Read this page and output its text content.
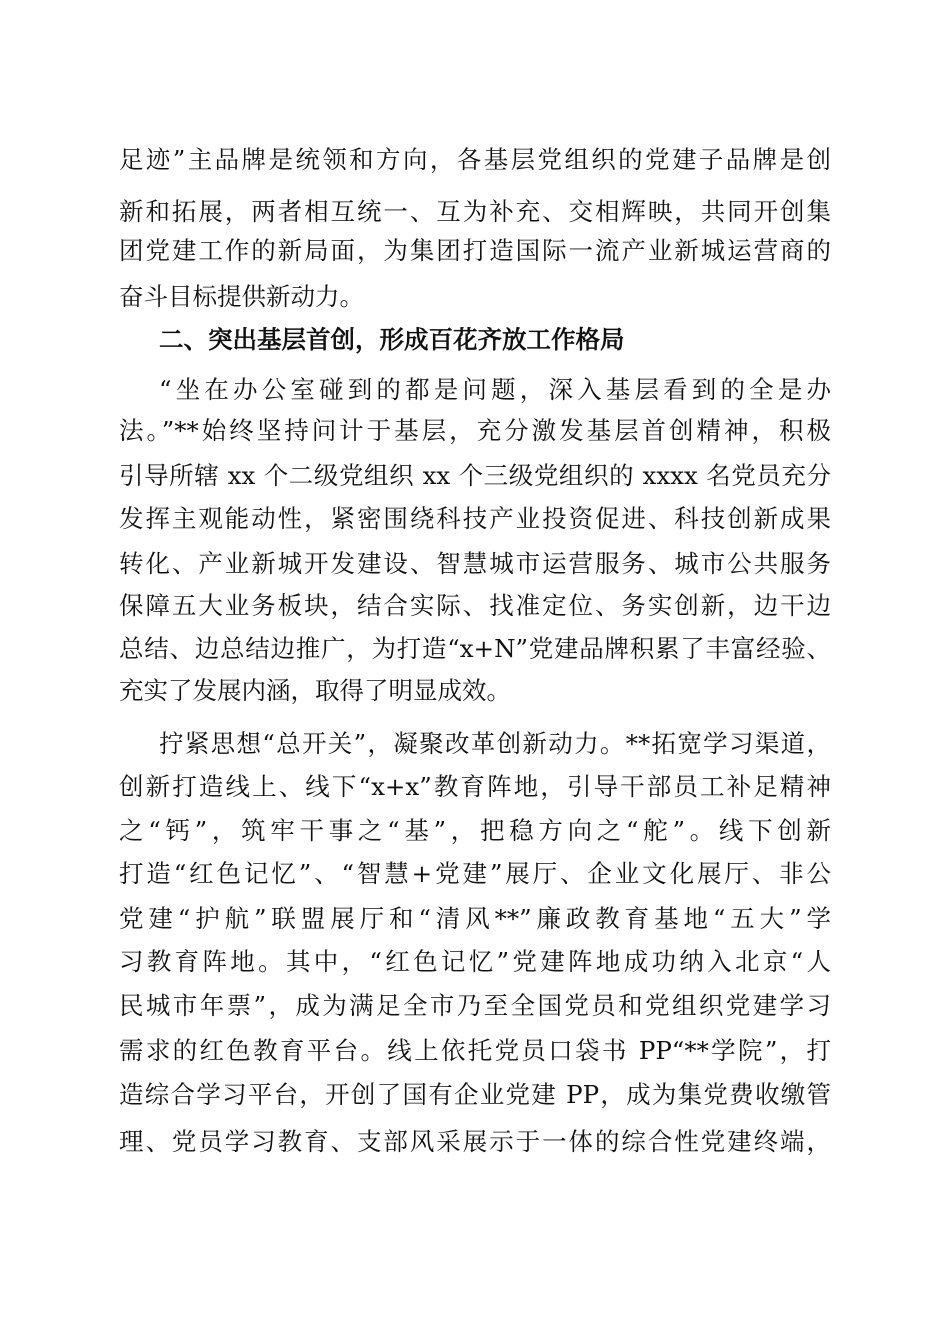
足迹”主品牌是统领和方向，各基层党组织的党建子品牌是创
新和拓展，两者相互统一、互为补充、交相辉映，共同开创集
团党建工作的新局面，为集团打造国际一流产业新城运营商的
奋斗目标提供新动力。
二、突出基层首创，形成百花齐放工作格局
“坐在办公室碰到的都是问题，深入基层看到的全是办
法。”**始终坚持问计于基层，充分激发基层首创精神，积极
引导所辖 xx 个二级党组织 xx 个三级党组织的 xxxx 名党员充分
发挥主观能动性，紧密围绕科技产业投资促进、科技创新成果
转化、产业新城开发建设、智慧城市运营服务、城市公共服务
保障五大业务板块，结合实际、找准定位、务实创新，边干边
总结、边总结边推广，为打造“x+N”党建品牌积累了丰富经验、
充实了发展内涵，取得了明显成效。
拧紧思想“总开关”，凝聚改革创新动力。**拓宽学习渠道，
创新打造线上、线下“x+x”教育阵地，引导干部员工补足精神
之“钙”，筑牢干事之“基”，把稳方向之“舵”。线下创新
打造“红色记忆”、“智慧+党建”展厅、企业文化展厅、非公
党建“护航”联盟展厅和“清风**”廉政教育基地“五大”学
习教育阵地。其中，“红色记忆”党建阵地成功纳入北京“人
民城市年票”，成为满足全市乃至全国党员和党组织党建学习
需求的红色教育平台。线上依托党员口袋书 PP“**学院”，打
造综合学习平台，开创了国有企业党建 PP，成为集党费收缴管
理、党员学习教育、支部风采展示于一体的综合性党建终端，
